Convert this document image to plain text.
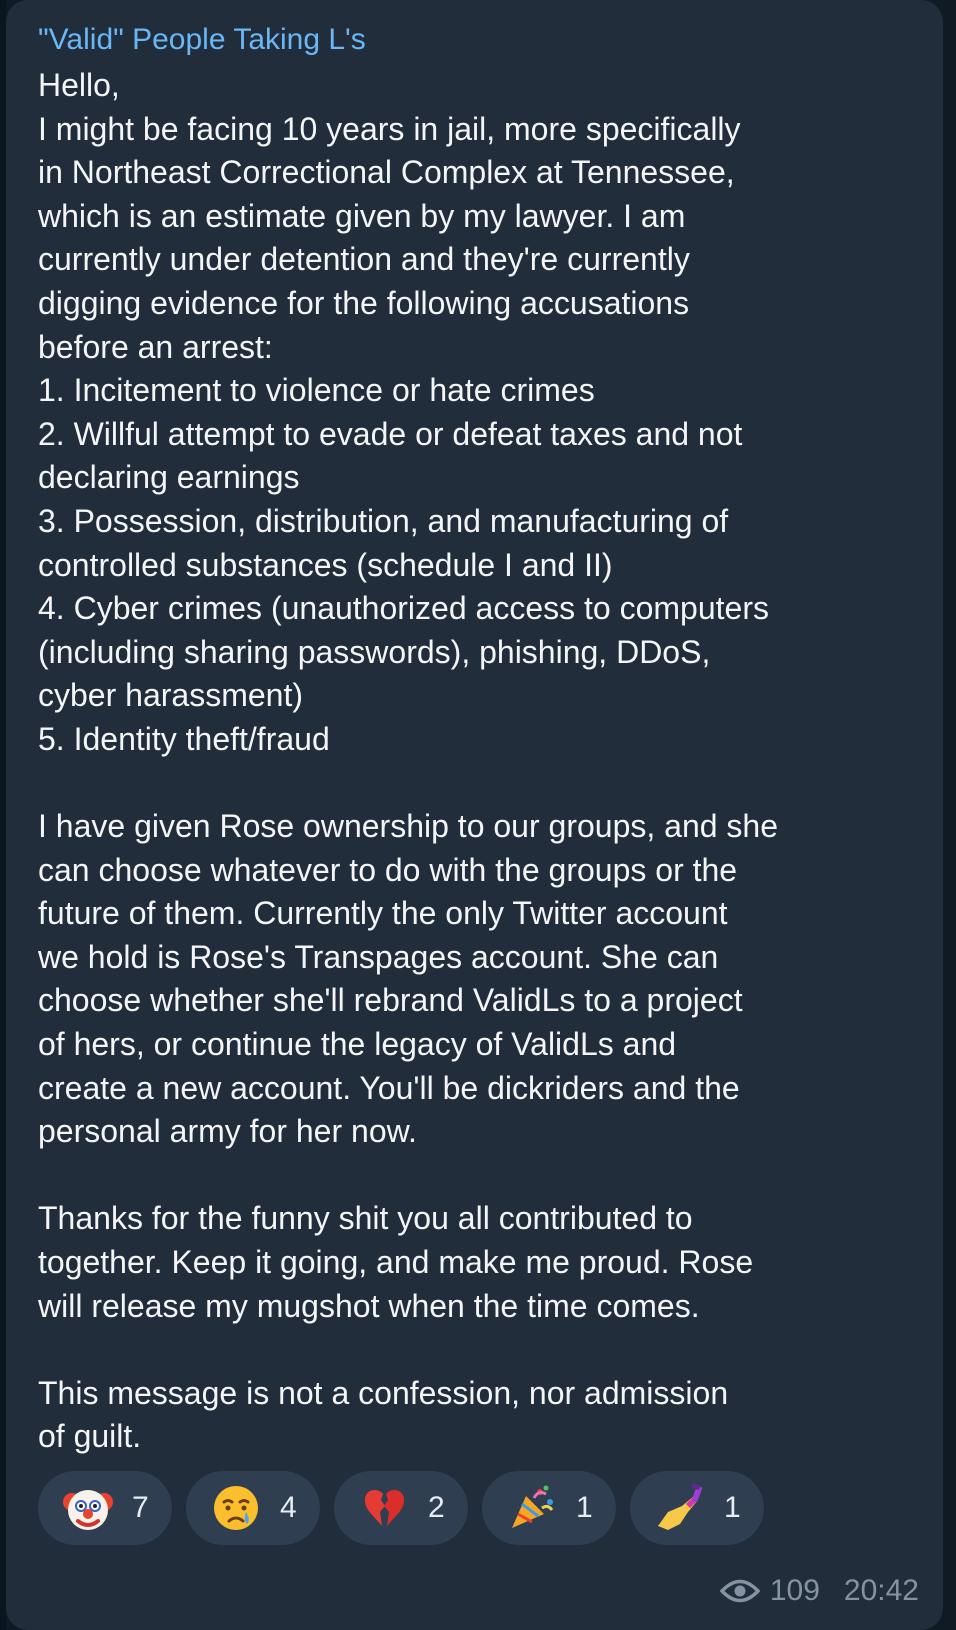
"Valid" People Taking L's
Hello,
I might be facing 10 years in jail, more specifically
in Northeast Correctional Complex at Tennessee,
which is an estimate given by my lawyer. I am
currently under detention and they're currently
digging evidence for the following accusations
before an arrest:
1. Incitement to violence or hate crimes
2. Willful attempt to evade or defeat taxes and not
declaring earnings
3. Possession, distribution, and manufacturing of
controlled substances (schedule I and II)
4. Cyber crimes (unauthorized access to computers
(including sharing passwords), phishing, DDoS,
cyber harassment)
5. Identity theft/fraud

I have given Rose ownership to our groups, and she
can choose whatever to do with the groups or the
future of them. Currently the only Twitter account
we hold is Rose's Transpages account. She can
choose whether she'll rebrand ValidLs to a project
of hers, or continue the legacy of ValidLs and
create a new account. You'll be dickriders and the
personal army for her now.

Thanks for the funny shit you all contributed to
together. Keep it going, and make me proud. Rose
will release my mugshot when the time comes.

This message is not a confession, nor admission
of guilt.
7	4	2	1	1
109 20:42
